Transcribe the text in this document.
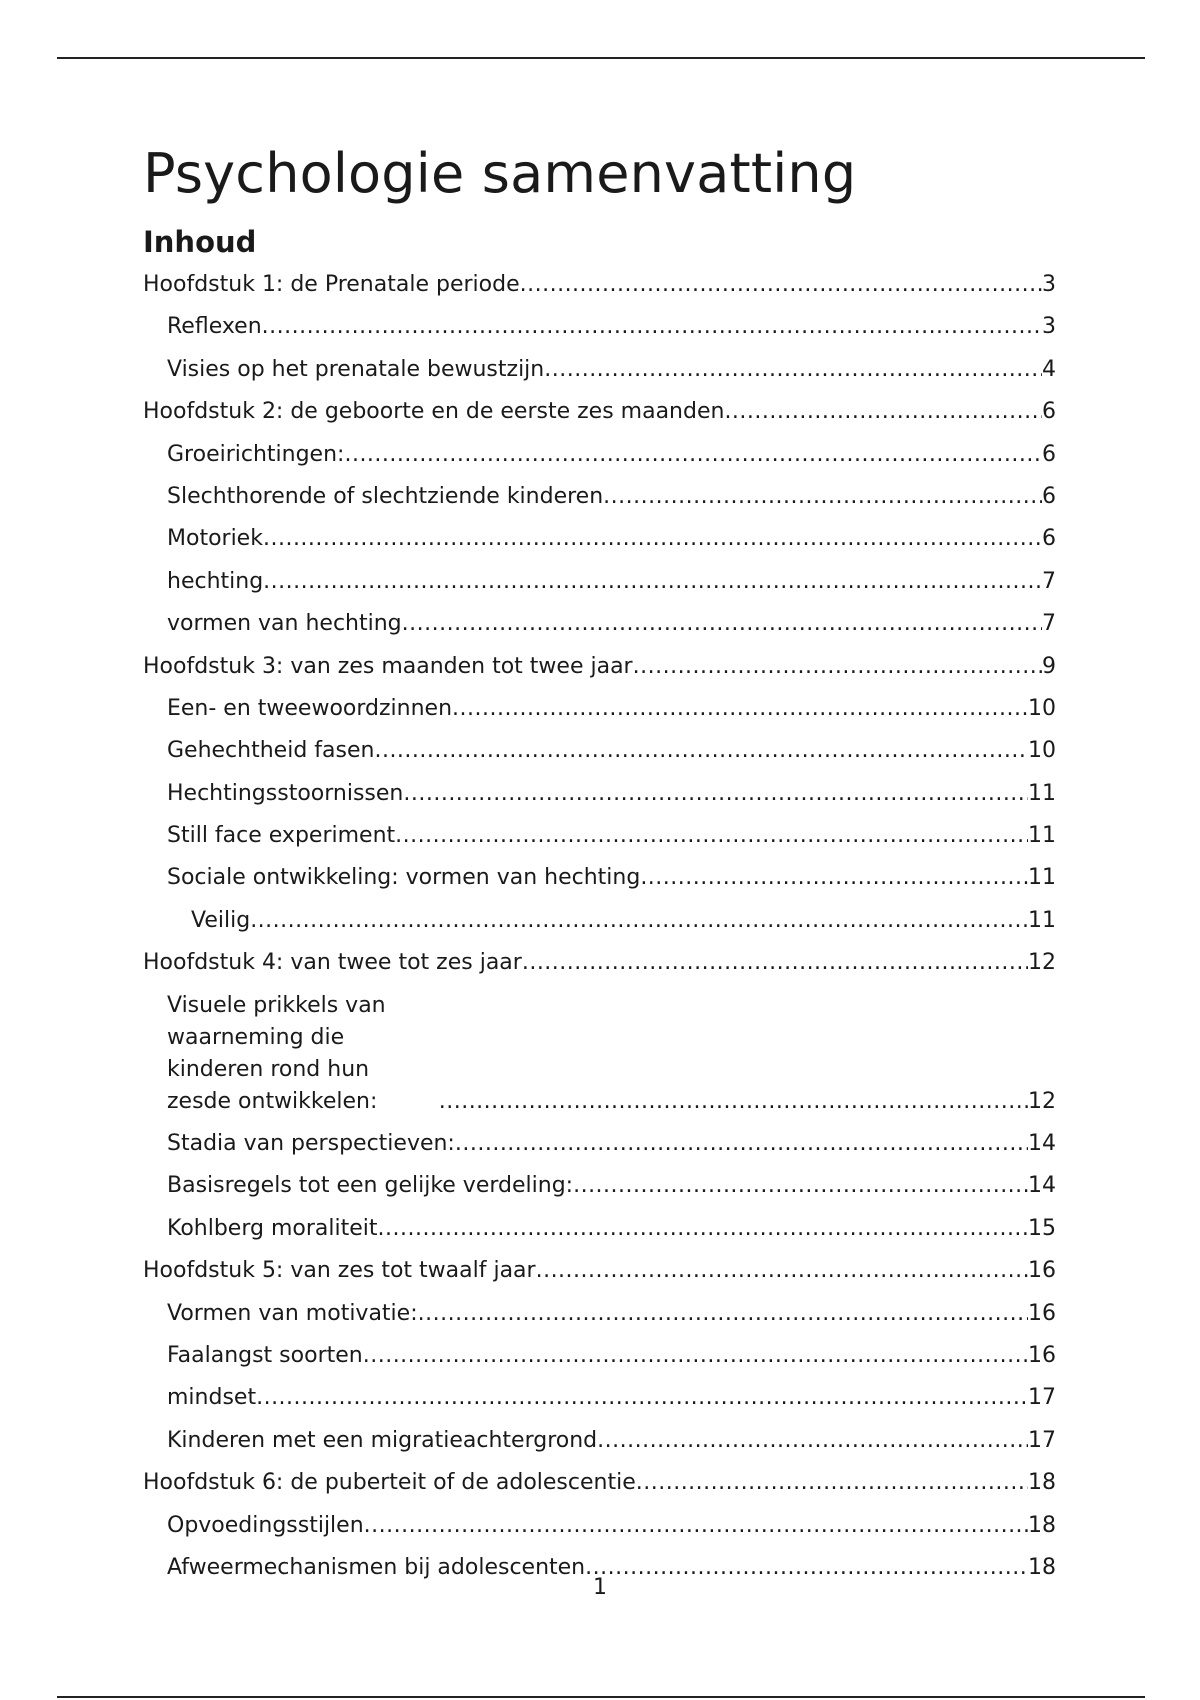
Psychologie samenvatting
Inhoud
Hoofdstuk 1: de Prenatale periode .....	3
Reflexen .....	3
Visies op het prenatale bewustzijn .....	4
Hoofdstuk 2: de geboorte en de eerste zes maanden .....	6
Groeirichtingen: .....	6
Slechthorende of slechtziende kinderen .....	6
Motoriek .....	6
hechting .....	7
vormen van hechting .....	7
Hoofdstuk 3: van zes maanden tot twee jaar .....	9
Een- en tweewoordzinnen .....	10
Gehechtheid fasen .....	10
Hechtingsstoornissen .....	11
Still face experiment .....	11
Sociale ontwikkeling: vormen van hechting .....	11
Veilig .....	11
Hoofdstuk 4: van twee tot zes jaar .....	12
Visuele prikkels van waarneming die kinderen rond hun zesde ontwikkelen: .....	12
Stadia van perspectieven: .....	14
Basisregels tot een gelijke verdeling: .....	14
Kohlberg moraliteit .....	15
Hoofdstuk 5: van zes tot twaalf jaar .....	16
Vormen van motivatie: .....	16
Faalangst soorten .....	16
mindset .....	17
Kinderen met een migratieachtergrond .....	17
Hoofdstuk 6: de puberteit of de adolescentie .....	18
Opvoedingsstijlen .....	18
Afweermechanismen bij adolescenten .....	18
1
